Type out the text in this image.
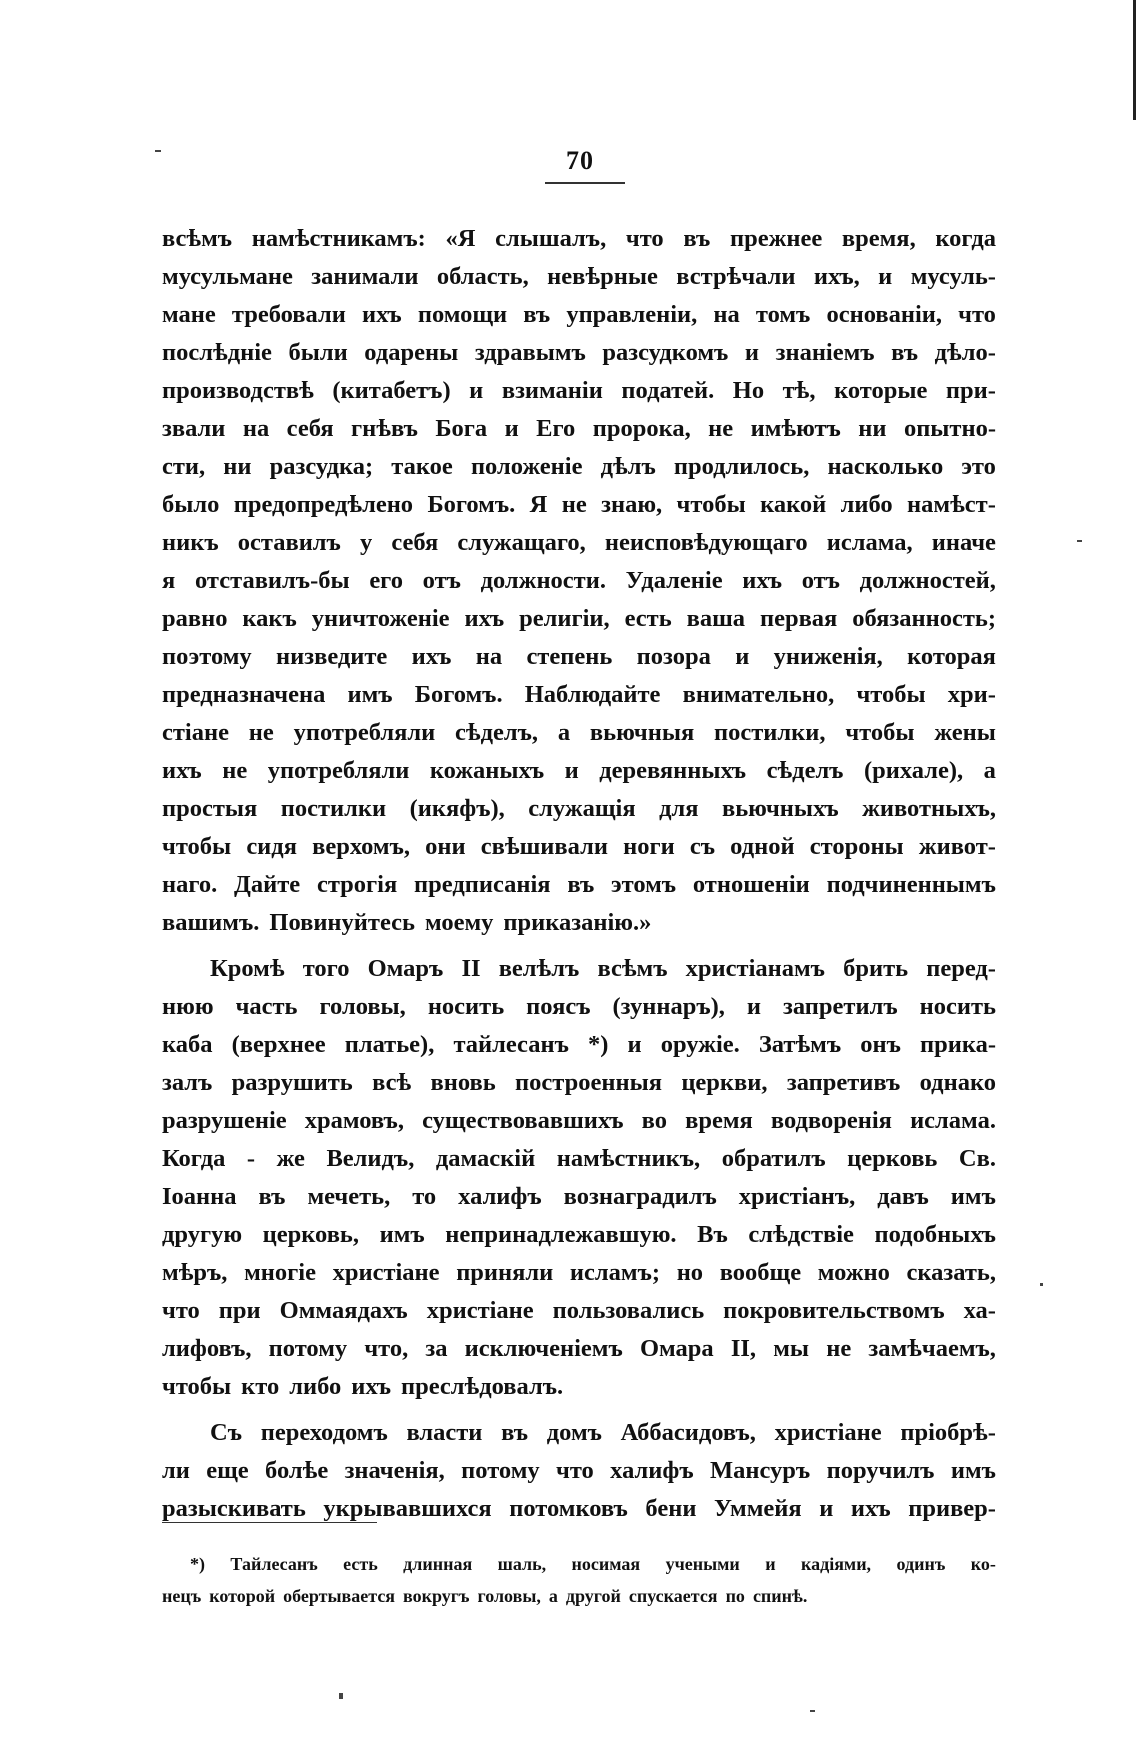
70
всѣмъ намѣстникамъ: «Я слышалъ, что въ прежнее время, когда
мусульмане занимали область, невѣрные встрѣчали ихъ, и мусуль-
мане требовали ихъ помощи въ управленіи, на томъ основаніи, что
послѣдніе были одарены здравымъ разсудкомъ и знаніемъ въ дѣло-
производствѣ (китабетъ) и взиманіи податей. Но тѣ, которые при-
звали на себя гнѣвъ Бога и Его пророка, не имѣютъ ни опытно-
сти, ни разсудка; такое положеніе дѣлъ продлилось, насколько это
было предопредѣлено Богомъ. Я не знаю, чтобы какой либо намѣст-
никъ оставилъ у себя служащаго, неисповѣдующаго ислама, иначе
я отставилъ-бы его отъ должности. Удаленіе ихъ отъ должностей,
равно какъ уничтоженіе ихъ религіи, есть ваша первая обязанность;
поэтому низведите ихъ на степень позора и униженія, которая
предназначена имъ Богомъ. Наблюдайте внимательно, чтобы хри-
стіане не употребляли сѣделъ, а вьючныя постилки, чтобы жены
ихъ не употребляли кожаныхъ и деревянныхъ сѣделъ (рихале), а
простыя постилки (икяфъ), служащія для вьючныхъ животныхъ,
чтобы сидя верхомъ, они свѣшивали ноги съ одной стороны живот-
наго. Дайте строгія предписанія въ этомъ отношеніи подчиненнымъ
вашимъ. Повинуйтесь моему приказанію.»
Кромѣ того Омаръ II велѣлъ всѣмъ христіанамъ брить перед-
нюю часть головы, носить поясъ (зуннаръ), и запретилъ носить
каба (верхнее платье), тайлесанъ *) и оружіе. Затѣмъ онъ прика-
залъ разрушить всѣ вновь построенныя церкви, запретивъ однако
разрушеніе храмовъ, существовавшихъ во время водворенія ислама.
Когда - же Велидъ, дамаскій намѣстникъ, обратилъ церковь Св.
Іоанна въ мечеть, то халифъ вознаградилъ христіанъ, давъ имъ
другую церковь, имъ непринадлежавшую. Въ слѣдствіе подобныхъ
мѣръ, многіе христіане приняли исламъ; но вообще можно сказать,
что при Оммаядахъ христіане пользовались покровительствомъ ха-
лифовъ, потому что, за исключеніемъ Омара II, мы не замѣчаемъ,
чтобы кто либо ихъ преслѣдовалъ.
Съ переходомъ власти въ домъ Аббасидовъ, христіане пріобрѣ-
ли еще болѣе значенія, потому что халифъ Мансуръ поручилъ имъ
разыскивать укрывавшихся потомковъ бени Уммейя и ихъ привер-
*) Тайлесанъ есть длинная шаль, носимая учеными и кадіями, одинъ ко-
нецъ которой обертывается вокругъ головы, а другой спускается по спинѣ.
